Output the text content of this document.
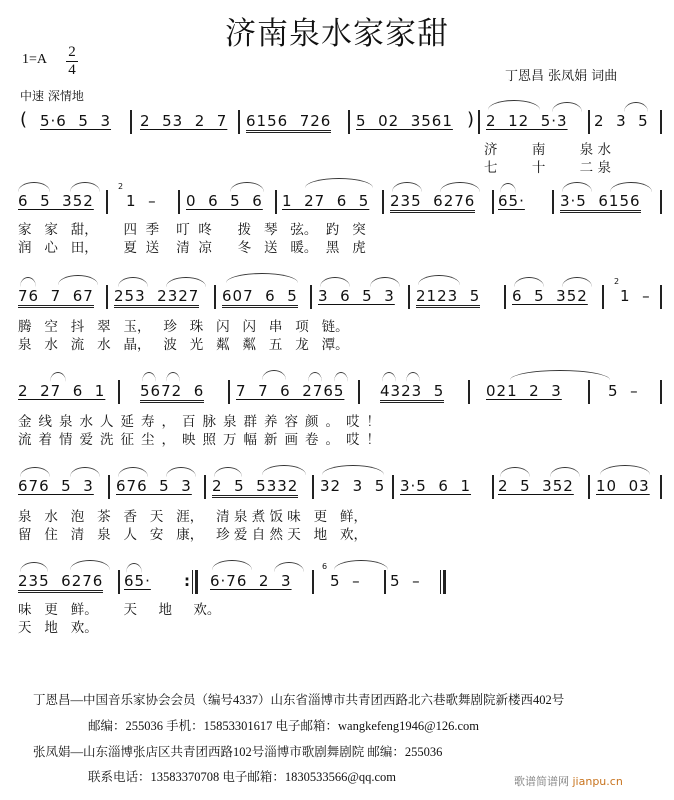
济南泉水家家甜
1=A 2
4
中速 深情地
丁恩昌 张凤娟 词曲
( 5·6  5  3 2  53  2  7 6156  726 5  02  3561 ) 2  12  5·3 2  3  5
济        南        泉 水
七        十        二 泉
6  5  352
2
1  – 0  6  5  6 1  27  6  5 235  6276 65· 3·5  6156
家   家   甜，      四  季    叮  咚      拨   琴   弦。  趵   突
润   心   田，      夏  送    清  凉      冬   送   暖。  黑   虎
76  7  67 253  2327 607  6  5 3  6  5  3 2123  5 6  5  352
2
1  –
腾   空   抖   翠   玉，   珍   珠   闪   闪   串   项   链。
泉   水   流   水   晶，   波   光   粼   粼   五   龙   潭。
2  27  6  1 5672  6 7  7  6  2765 4323  5	021  2  3	5  –
金线泉水人延寿，百脉泉群养容颜。哎！
流着情爱洗征尘，映照万幅新画卷。哎！
676  5  3 676  5  3 2  5  5332 32  3  5 3·5  6  1 2  5  352 10  03
泉   水   泡   茶   香   天   涯，   清 泉 煮 饭 味   更   鲜，
留   住   清   泉   人   安   康，   珍 爱 自 然 天   地   欢，
235  6276 65· : 6·76  2  3
6
5  – 5  –
味   更   鲜。      天     地     欢。
天   地   欢。
丁恩昌—中国音乐家协会会员（编号4337）山东省淄博市共青团西路北六巷歌舞剧院新楼西402号
邮编：255036 手机：15853301617 电子邮箱：wangkefeng1946@126.com
张凤娟—山东淄博张店区共青团西路102号淄博市歌剧舞剧院 邮编：255036
联系电话：13583370708 电子邮箱：1830533566@qq.com	歌谱简谱网 jianpu.cn
